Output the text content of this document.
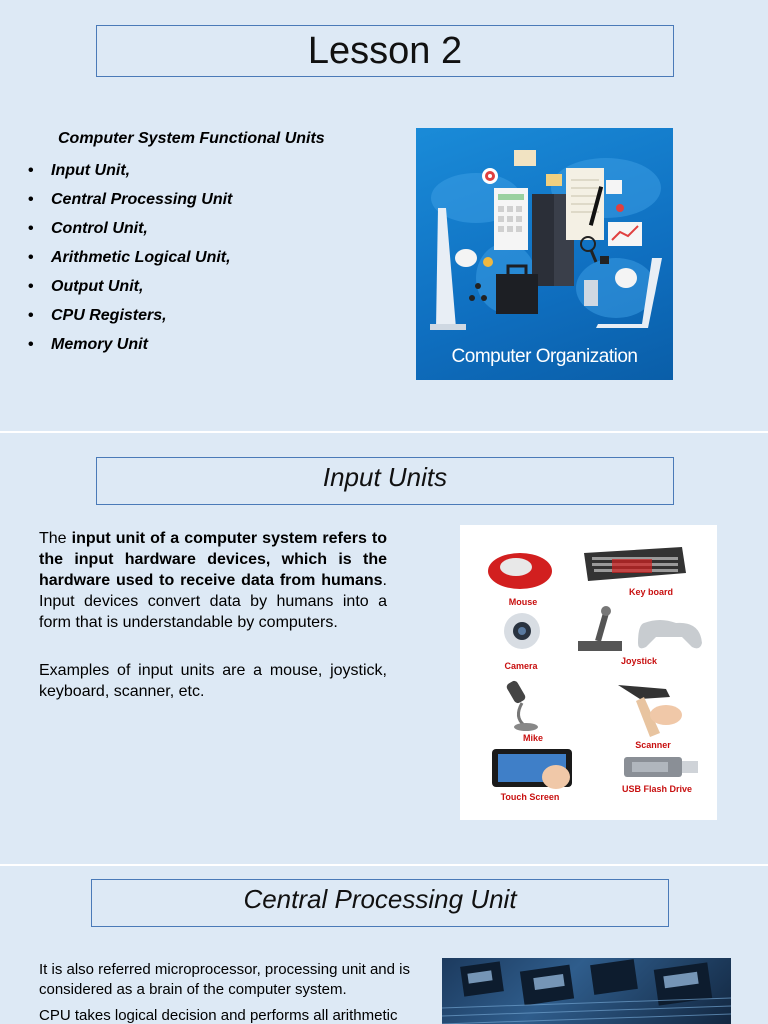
Lesson 2
Computer System Functional Units
• Input Unit,
• Central Processing Unit
• Control Unit,
• Arithmetic Logical Unit,
• Output Unit,
• CPU Registers,
• Memory Unit
Computer Organization
Input Units
The input unit of a computer system refers to the input hardware devices, which is the hardware used to receive data from humans. Input devices convert data by humans into a form that is understandable by computers.
Examples of input units are a mouse, joystick, keyboard, scanner, etc.
Mouse
Key board
Camera	Joystick
Mike
Scanner
Touch Screen
USB Flash Drive
Central Processing Unit
It is also referred microprocessor, processing unit and is considered as a brain of the computer system.
CPU takes logical decision and performs all arithmetic
